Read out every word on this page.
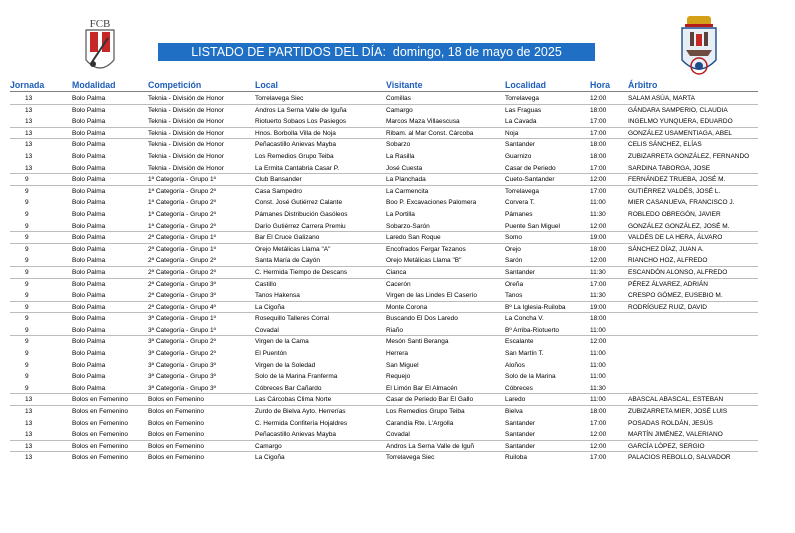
FCB
LISTADO DE PARTIDOS DEL DÍA: domingo, 18 de mayo de 2025
Jornada	Modalidad	Competición	Local	Visitante	Localidad	Hora Árbitro
13	Bolo Palma	Teknia - División de Honor	Torrelavega Siec	Comillas	Torrelavega	12:00	SALAM ASÚA, MARTA
13	Bolo Palma	Teknia - División de Honor	Andros La Serna Valle de Iguña	Camargo	Las Fraguas	18:00	GÁNDARA SAMPERIO, CLAUDIA
13	Bolo Palma	Teknia - División de Honor	Riotuerto Sobaos Los Pasiegos	Marcos Maza Villaescusa	La Cavada	17:00	INGELMO YUNQUERA, EDUARDO
13	Bolo Palma	Teknia - División de Honor	Hnos. Borbolla Villa de Noja	Ribam. al Mar Const. Cárcoba	Noja	17:00	GONZÁLEZ USAMENTIAGA, ABEL
13	Bolo Palma	Teknia - División de Honor	Peñacastillo Anievas Mayba	Sobarzo	Santander	18:00	CELIS SÁNCHEZ, ELÍAS
13	Bolo Palma	Teknia - División de Honor	Los Remedios Grupo Teiba	La Rasilla	Guarnizo	18:00	ZUBIZARRETA GONZÁLEZ, FERNANDO
13	Bolo Palma	Teknia - División de Honor	La Ermita Cantabria Casar P.	José Cuesta	Casar de Periedo	17:00	SARDINA TABORGA, JOSE
9	Bolo Palma	1ª Categoría - Grupo 1º	Club Bansander	La Planchada	Cueto-Santander	12:00	FERNÁNDEZ TRUEBA, JOSÉ M.
9	Bolo Palma	1ª Categoría - Grupo 2º	Casa Sampedro	La Carmencita	Torrelavega	17:00	GUTIÉRREZ VALDÉS, JOSÉ L.
9	Bolo Palma	1ª Categoría - Grupo 2º	Const. José Gutiérrez Calante	Boo P. Excavaciones Palomera	Corvera T.	11:00	MIER CASANUEVA, FRANCISCO J.
9	Bolo Palma	1ª Categoría - Grupo 2º	Pámanes Distribución Gasóleos	La Portilla	Pámanes	11:30	ROBLEDO OBREGÓN, JAVIER
9	Bolo Palma	1ª Categoría - Grupo 2º	Darío Gutiérrez Carrera Premiu	Sobarzo-Sarón	Puente San Miguel	12:00	GONZÁLEZ GONZÁLEZ, JOSÉ M.
9	Bolo Palma	2ª Categoría - Grupo 1º	Bar El Cruce Galizano	Laredo San Roque	Somo	19:00	VALDÉS DE LA HERA, ÁLVARO
9	Bolo Palma	2ª Categoría - Grupo 1º	Orejo Metálicas Llama "A"	Encofrados Fergar Tezanos	Orejo	18:00	SÁNCHEZ DÍAZ, JUAN A.
9	Bolo Palma	2ª Categoría - Grupo 2º	Santa María de Cayón	Orejo Metálicas Llama "B"	Sarón	12:00	RIANCHO HOZ, ALFREDO
9	Bolo Palma	2ª Categoría - Grupo 2º	C. Hermida Tiempo de Descans	Cianca	Santander	11:30	ESCANDÓN ALONSO, ALFREDO
9	Bolo Palma	2ª Categoría - Grupo 3º	Castillo	Cacerón	Oreña	17:00	PÉREZ ÁLVAREZ, ADRIÁN
9	Bolo Palma	2ª Categoría - Grupo 3º	Tanos Hakensa	Virgen de las Lindes El Caserío	Tanos	11:30	CRESPO GÓMEZ, EUSEBIO M.
9	Bolo Palma	2ª Categoría - Grupo 4º	La Cigoña	Monte Corona	Bº La Iglesia-Ruiloba	19:00	RODRÍGUEZ RUIZ, DAVID
9	Bolo Palma	3ª Categoría - Grupo 1º	Rosequillo Talleres Corral	Buscando El Dos Laredo	La Concha V.	18:00
9	Bolo Palma	3ª Categoría - Grupo 1º	Covadal	Riaño	Bº Arriba-Riotuerto	11:00
9	Bolo Palma	3ª Categoría - Grupo 2º	Virgen de la Cama	Mesón Santi Beranga	Escalante	12:00
9	Bolo Palma	3ª Categoría - Grupo 2º	El Puentón	Herrera	San Martín T.	11:00
9	Bolo Palma	3ª Categoría - Grupo 3º	Virgen de la Soledad	San Miguel	Aloños	11:00
9	Bolo Palma	3ª Categoría - Grupo 3º	Solo de la Marina Franferma	Requejo	Solo de la Marina	11:00
9	Bolo Palma	3ª Categoría - Grupo 3º	Cóbreces Bar Cañardo	El Limón Bar El Almacén	Cóbreces	11:30
13	Bolos en Femenino	Bolos en Femenino	Las Cárcobas Clima Norte	Casar de Periedo Bar El Gallo	Laredo	11:00	ABASCAL ABASCAL, ESTEBAN
13	Bolos en Femenino	Bolos en Femenino	Zurdo de Bielva Ayto. Herrerías	Los Remedios Grupo Teiba	Bielva	18:00	ZUBIZARRETA MIER, JOSÉ LUIS
13	Bolos en Femenino	Bolos en Femenino	C. Hermida Confitería Hojaldres	Carandía Rte. L'Argolla	Santander	17:00	POSADAS ROLDÁN, JESÚS
13	Bolos en Femenino	Bolos en Femenino	Peñacastillo Anievas Mayba	Covadal	Santander	12:00	MARTÍN JIMÉNEZ, VALERIANO
13	Bolos en Femenino	Bolos en Femenino	Camargo	Andros La Serna Valle de Iguñ	Santander	12:00	GARCÍA LÓPEZ, SERGIO
13	Bolos en Femenino	Bolos en Femenino	La Cigoña	Torrelavega Siec	Ruiloba	17:00	PALACIOS REBOLLO, SALVADOR
